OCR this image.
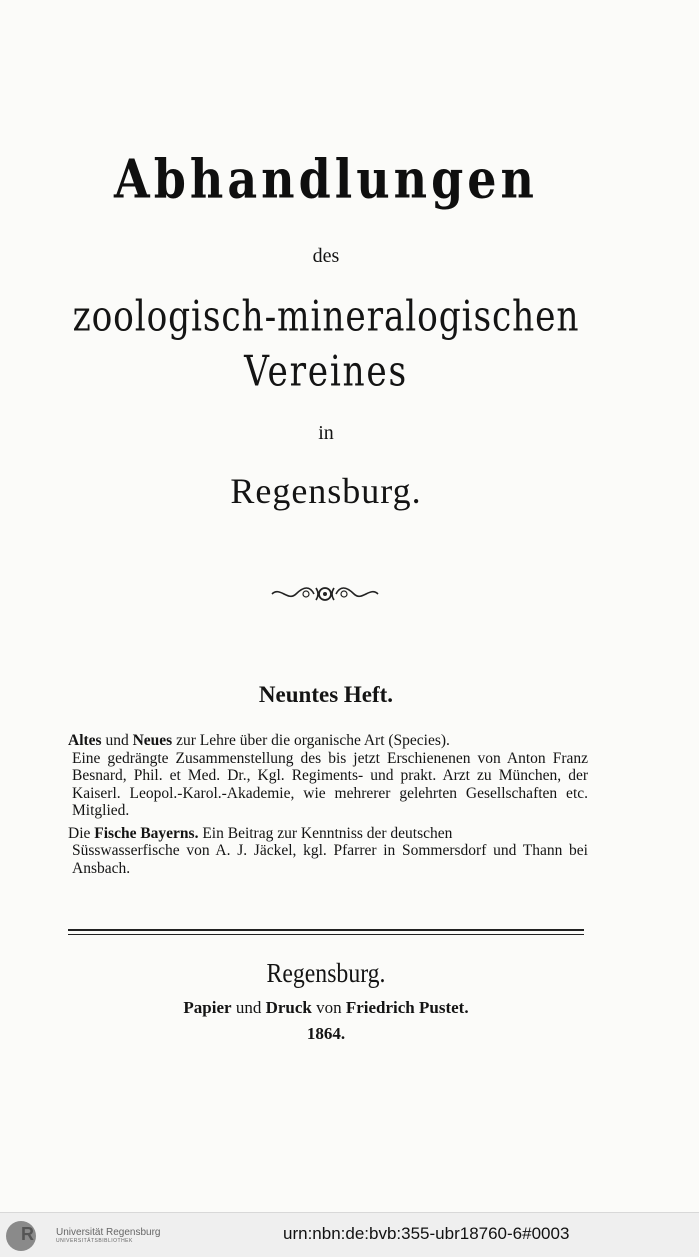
Abhandlungen
des
zoologisch-mineralogischen
Vereines
in
Regensburg.
Neuntes Heft.
Altes und Neues zur Lehre über die organische Art (Species).
Eine gedrängte Zusammenstellung des bis jetzt Erschienenen von Anton Franz Besnard, Phil. et Med. Dr., Kgl. Regiments- und prakt. Arzt zu München, der Kaiserl. Leopol.-Karol.-Akademie, wie mehrerer gelehrten Gesellschaften etc. Mitglied.
Die Fische Bayerns. Ein Beitrag zur Kenntniss der deutschen
Süsswasserfische von A. J. Jäckel, kgl. Pfarrer in Sommersdorf und Thann bei Ansbach.
Regensburg.
Papier und Druck von Friedrich Pustet.
1864.
R	Universität Regensburg
UNIVERSITÄTSBIBLIOTHEK	urn:nbn:de:bvb:355-ubr18760-6#0003
